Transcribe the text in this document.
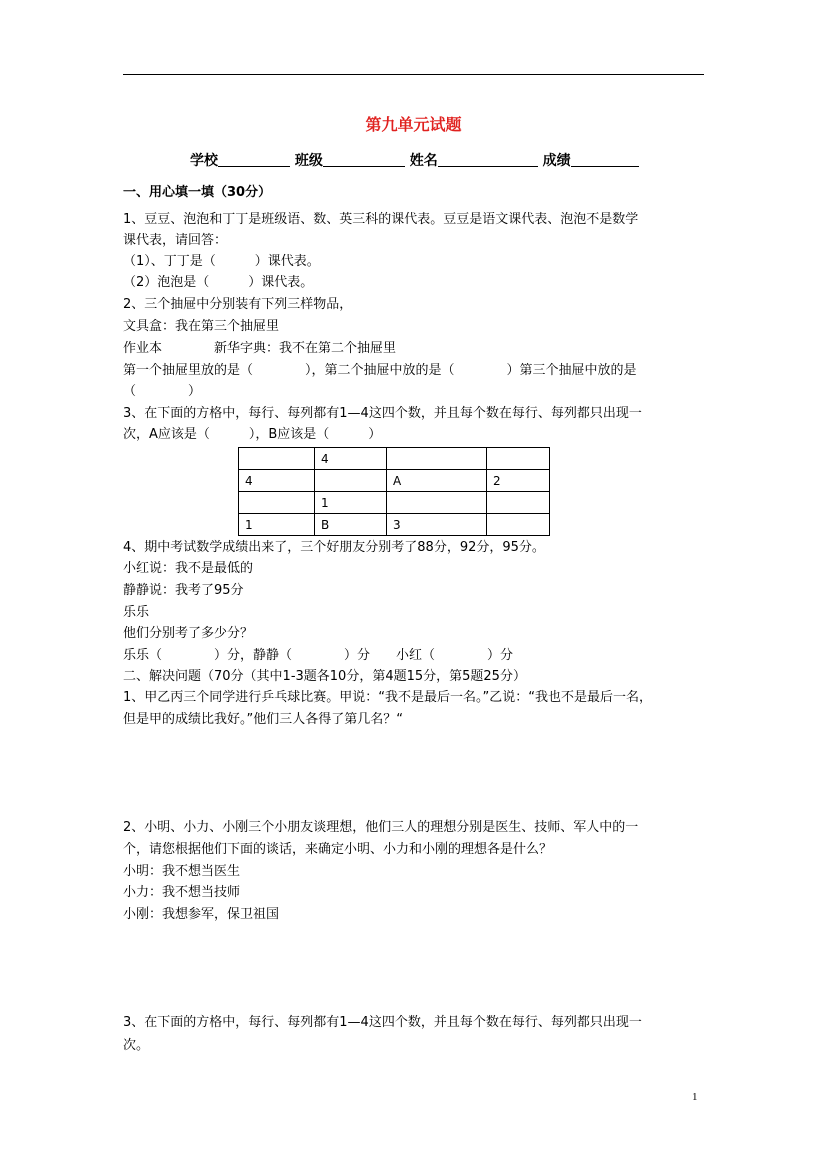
第九单元试题
学校	班级	姓名	成绩
一、用心填一填（30分）
1、豆豆、泡泡和丁丁是班级语、数、英三科的课代表。豆豆是语文课代表、泡泡不是数学
课代表，请回答：
（1）、丁丁是（　　　）课代表。
（2）泡泡是（　　　）课代表。
2、三个抽屉中分别装有下列三样物品，
文具盒：我在第三个抽屉里
作业本　　　　新华字典：我不在第二个抽屉里
第一个抽屉里放的是（　　　　），第二个抽屉中放的是（　　　　）第三个抽屉中放的是
（　　　　）
3、在下面的方格中，每行、每列都有1—4这四个数，并且每个数在每行、每列都只出现一
次，A应该是（　　　），B应该是（　　　）
	4		
4		A	2
	1		
1	B	3	
4、期中考试数学成绩出来了，三个好朋友分别考了88分，92分，95分。
小红说：我不是最低的
静静说：我考了95分
乐乐
他们分别考了多少分？
乐乐（　　　　）分，静静（　　　　）分　　小红（　　　　）分
二、解决问题（70分（其中1-3题各10分，第4题15分，第5题25分）
1、甲乙丙三个同学进行乒乓球比赛。甲说：“我不是最后一名。”乙说：“我也不是最后一名，
但是甲的成绩比我好。”他们三人各得了第几名？“
2、小明、小力、小刚三个小朋友谈理想，他们三人的理想分别是医生、技师、军人中的一
个，请您根据他们下面的谈话，来确定小明、小力和小刚的理想各是什么？
小明：我不想当医生
小力：我不想当技师
小刚：我想参军，保卫祖国
3、在下面的方格中，每行、每列都有1—4这四个数，并且每个数在每行、每列都只出现一
次。
1
